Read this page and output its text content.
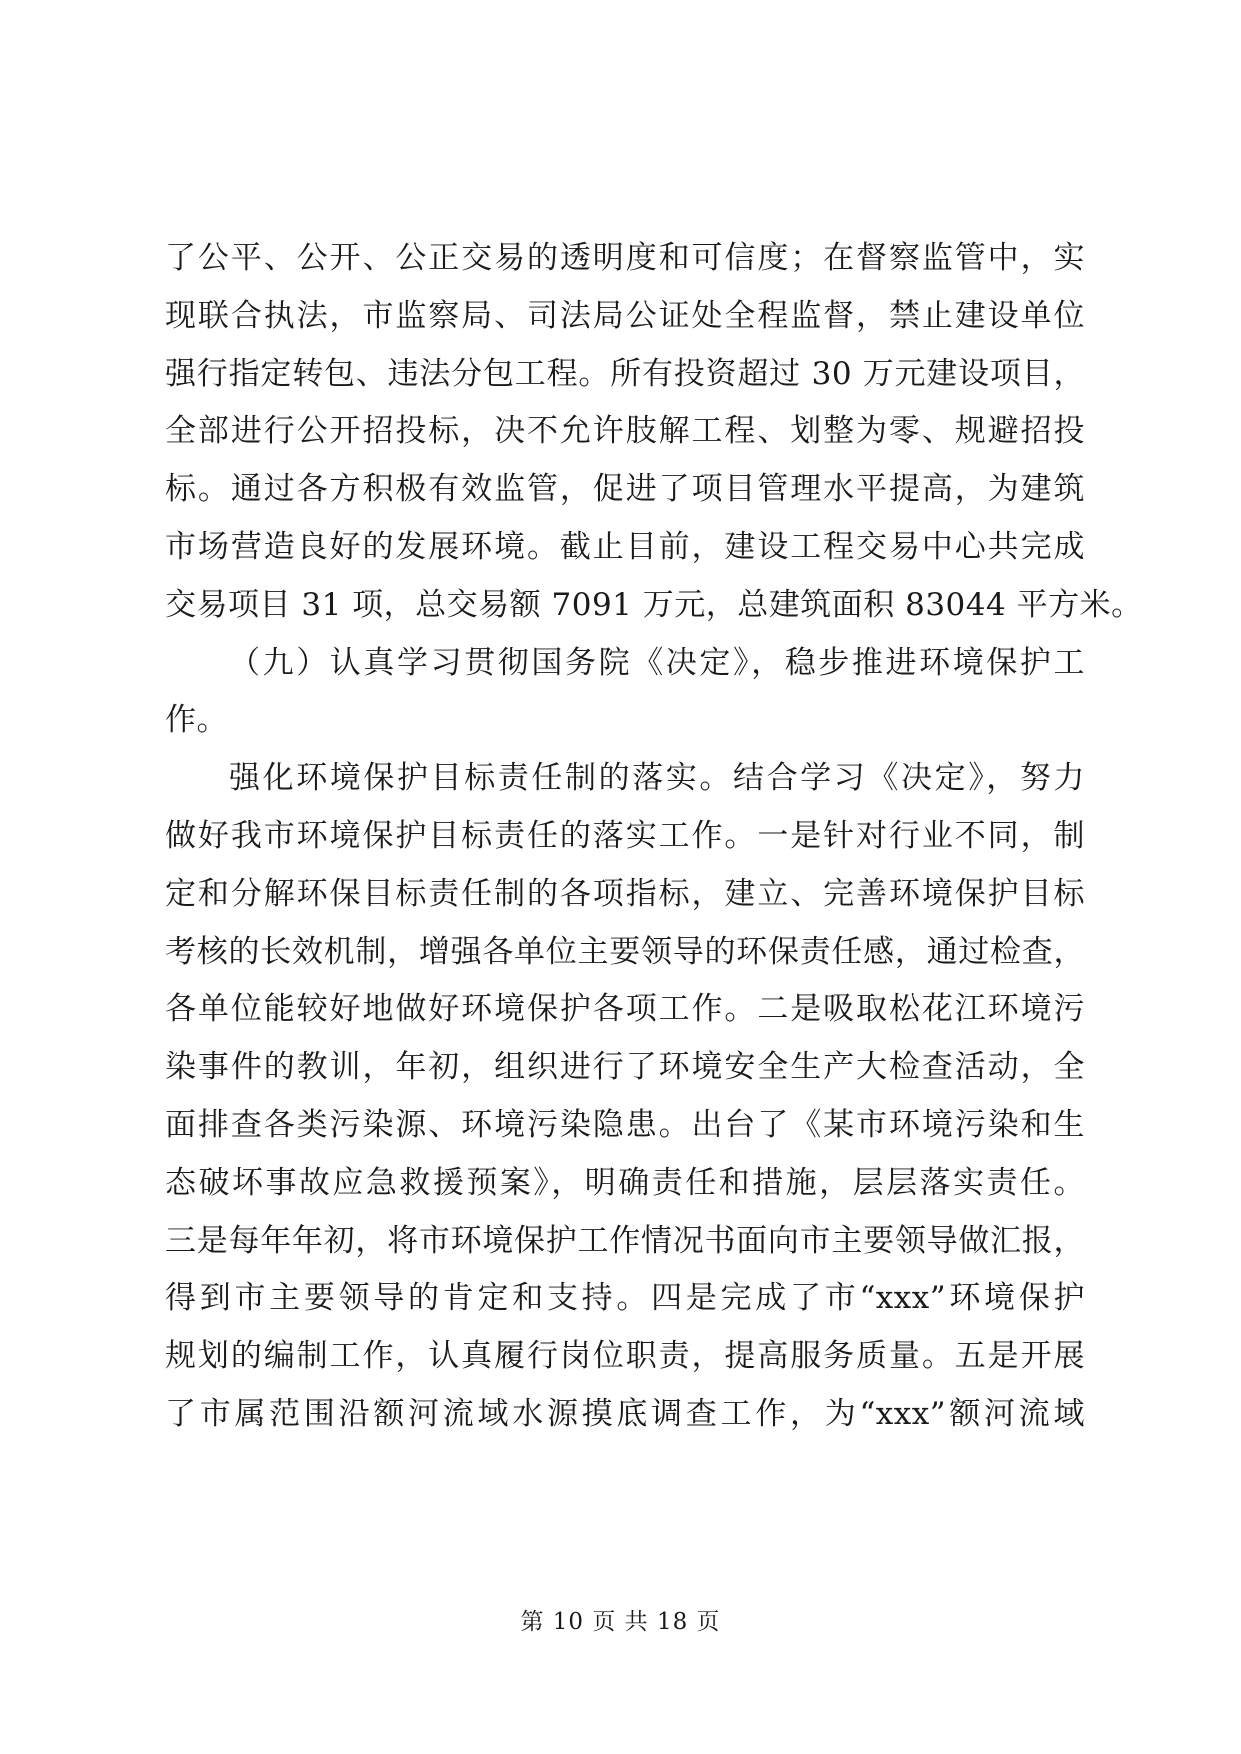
了公平、公开、公正交易的透明度和可信度；在督察监管中，实
现联合执法，市监察局、司法局公证处全程监督，禁止建设单位
强行指定转包、违法分包工程。所有投资超过 30 万元建设项目，
全部进行公开招投标，决不允许肢解工程、划整为零、规避招投
标。通过各方积极有效监管，促进了项目管理水平提高，为建筑
市场营造良好的发展环境。截止目前，建设工程交易中心共完成
交易项目 31 项，总交易额 7091 万元，总建筑面积 83044 平方米。
（九）认真学习贯彻国务院《决定》，稳步推进环境保护工
作。
强化环境保护目标责任制的落实。结合学习《决定》，努力
做好我市环境保护目标责任的落实工作。一是针对行业不同，制
定和分解环保目标责任制的各项指标，建立、完善环境保护目标
考核的长效机制，增强各单位主要领导的环保责任感，通过检查，
各单位能较好地做好环境保护各项工作。二是吸取松花江环境污
染事件的教训，年初，组织进行了环境安全生产大检查活动，全
面排查各类污染源、环境污染隐患。出台了《某市环境污染和生
态破坏事故应急救援预案》，明确责任和措施，层层落实责任。
三是每年年初，将市环境保护工作情况书面向市主要领导做汇报，
得到市主要领导的肯定和支持。四是完成了市“xxx”环境保护
规划的编制工作，认真履行岗位职责，提高服务质量。五是开展
了市属范围沿额河流域水源摸底调查工作，为“xxx”额河流域
第 10 页 共 18 页
